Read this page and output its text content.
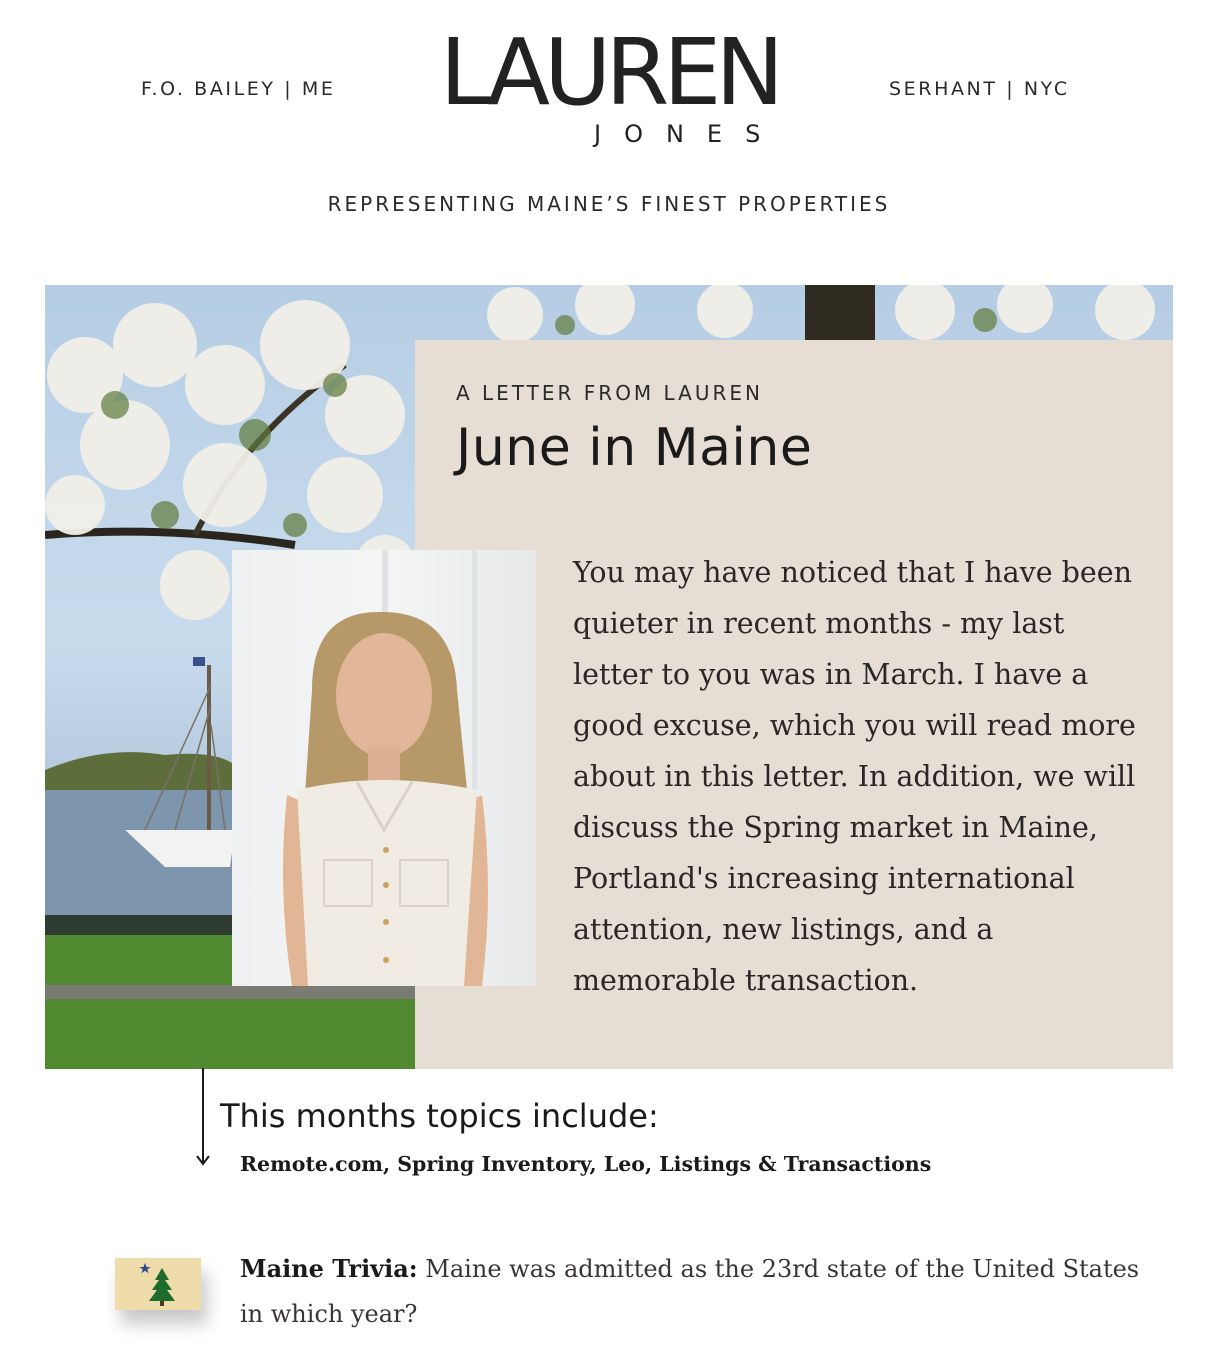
F.O. BAILEY | ME LAUREN
JONES
SERHANT | NYC
REPRESENTING MAINE’S FINEST PROPERTIES
A LETTER FROM LAUREN
June in Maine

You may have noticed that I have been quieter in recent months - my last letter to you was in March. I have a good excuse, which you will read more about in this letter. In addition, we will discuss the Spring market in Maine, Portland's increasing international attention, new listings, and a memorable transaction.

This months topics include:
Remote.com, Spring Inventory, Leo, Listings & Transactions

Maine Trivia: Maine was admitted as the 23rd state of the United States in which year?
